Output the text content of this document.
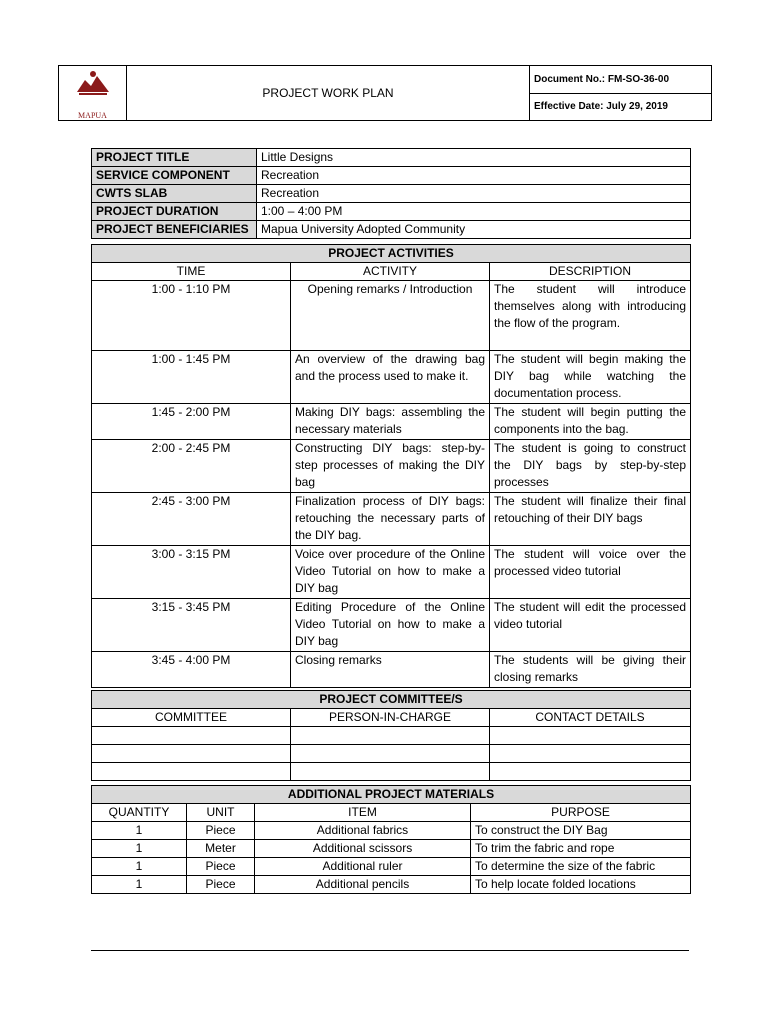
MAPUA
	PROJECT WORK PLAN	Document No.: FM-SO-36-00
Effective Date: July 29, 2019
PROJECT TITLE	Little Designs
SERVICE COMPONENT	Recreation
CWTS SLAB	Recreation
PROJECT DURATION	1:00 – 4:00 PM
PROJECT BENEFICIARIES	Mapua University Adopted Community
PROJECT ACTIVITIES		
TIME	ACTIVITY	DESCRIPTION
1:00 - 1:10 PM	Opening remarks / Introduction	The student will introduce themselves along with introducing the flow of the program.
1:00 - 1:45 PM	An overview of the drawing bag and the process used to make it.	The student will begin making the DIY bag while watching the documentation process.
1:45 - 2:00 PM	Making DIY bags: assembling the necessary materials	The student will begin putting the components into the bag.
2:00 - 2:45 PM	Constructing DIY bags: step-by-step processes of making the DIY bag	The student is going to construct the DIY bags by step-by-step processes
2:45 - 3:00 PM	Finalization process of DIY bags: retouching the necessary parts of the DIY bag.	The student will finalize their final retouching of their DIY bags
3:00 - 3:15 PM	Voice over procedure of the Online Video Tutorial on how to make a DIY bag	The student will voice over the processed video tutorial
3:15 - 3:45 PM	Editing Procedure of the Online Video Tutorial on how to make a DIY bag	The student will edit the processed video tutorial
3:45 - 4:00 PM	Closing remarks	The students will be giving their closing remarks
PROJECT COMMITTEE/S		
COMMITTEE	PERSON-IN-CHARGE	CONTACT DETAILS

ADDITIONAL PROJECT MATERIALS			
QUANTITY	UNIT	ITEM	PURPOSE
1	Piece	Additional fabrics	To construct the DIY Bag
1	Meter	Additional scissors	To trim the fabric and rope
1	Piece	Additional ruler	To determine the size of the fabric
1	Piece	Additional pencils	To help locate folded locations
